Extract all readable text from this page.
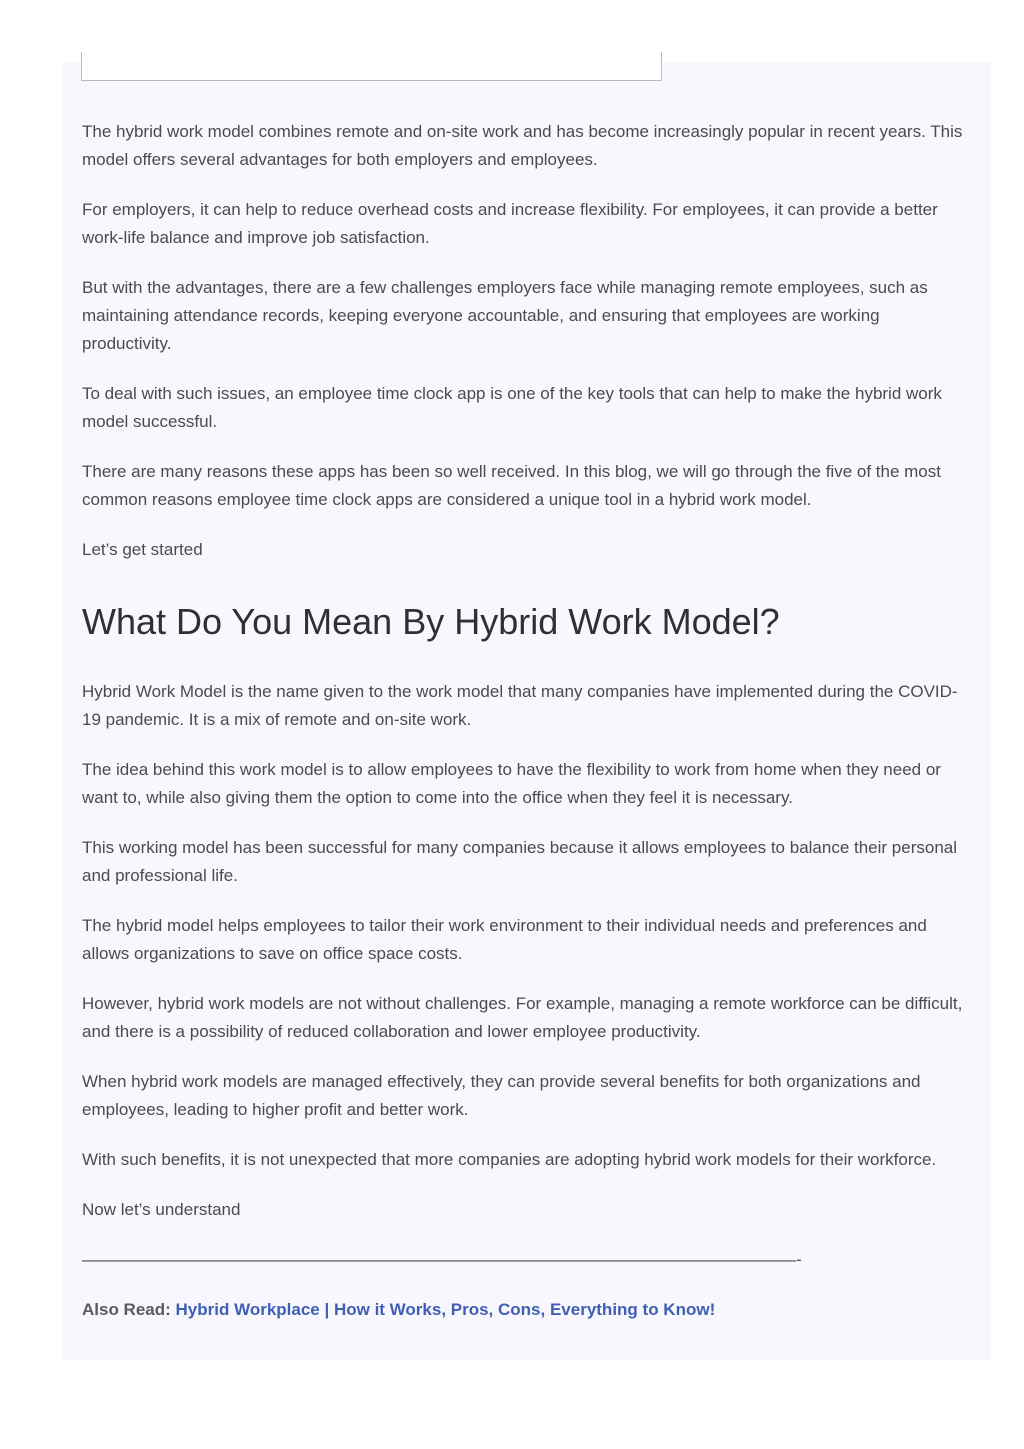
The hybrid work model combines remote and on-site work and has become increasingly popular in recent years. This model offers several advantages for both employers and employees.

For employers, it can help to reduce overhead costs and increase flexibility. For employees, it can provide a better work-life balance and improve job satisfaction.

But with the advantages, there are a few challenges employers face while managing remote employees, such as maintaining attendance records, keeping everyone accountable, and ensuring that employees are working productivity.

To deal with such issues, an employee time clock app is one of the key tools that can help to make the hybrid work model successful.

There are many reasons these apps has been so well received. In this blog, we will go through the five of the most common reasons employee time clock apps are considered a unique tool in a hybrid work model.

Let’s get started

What Do You Mean By Hybrid Work Model?

Hybrid Work Model is the name given to the work model that many companies have implemented during the COVID-19 pandemic. It is a mix of remote and on-site work.

The idea behind this work model is to allow employees to have the flexibility to work from home when they need or want to, while also giving them the option to come into the office when they feel it is necessary.

This working model has been successful for many companies because it allows employees to balance their personal and professional life.

The hybrid model helps employees to tailor their work environment to their individual needs and preferences and allows organizations to save on office space costs.

However, hybrid work models are not without challenges. For example, managing a remote workforce can be difficult, and there is a possibility of reduced collaboration and lower employee productivity.

When hybrid work models are managed effectively, they can provide several benefits for both organizations and employees, leading to higher profit and better work.

With such benefits, it is not unexpected that more companies are adopting hybrid work models for their workforce.

Now let’s understand

——————————————————————————————————————————-

Also Read: Hybrid Workplace | How it Works, Pros, Cons, Everything to Know!
